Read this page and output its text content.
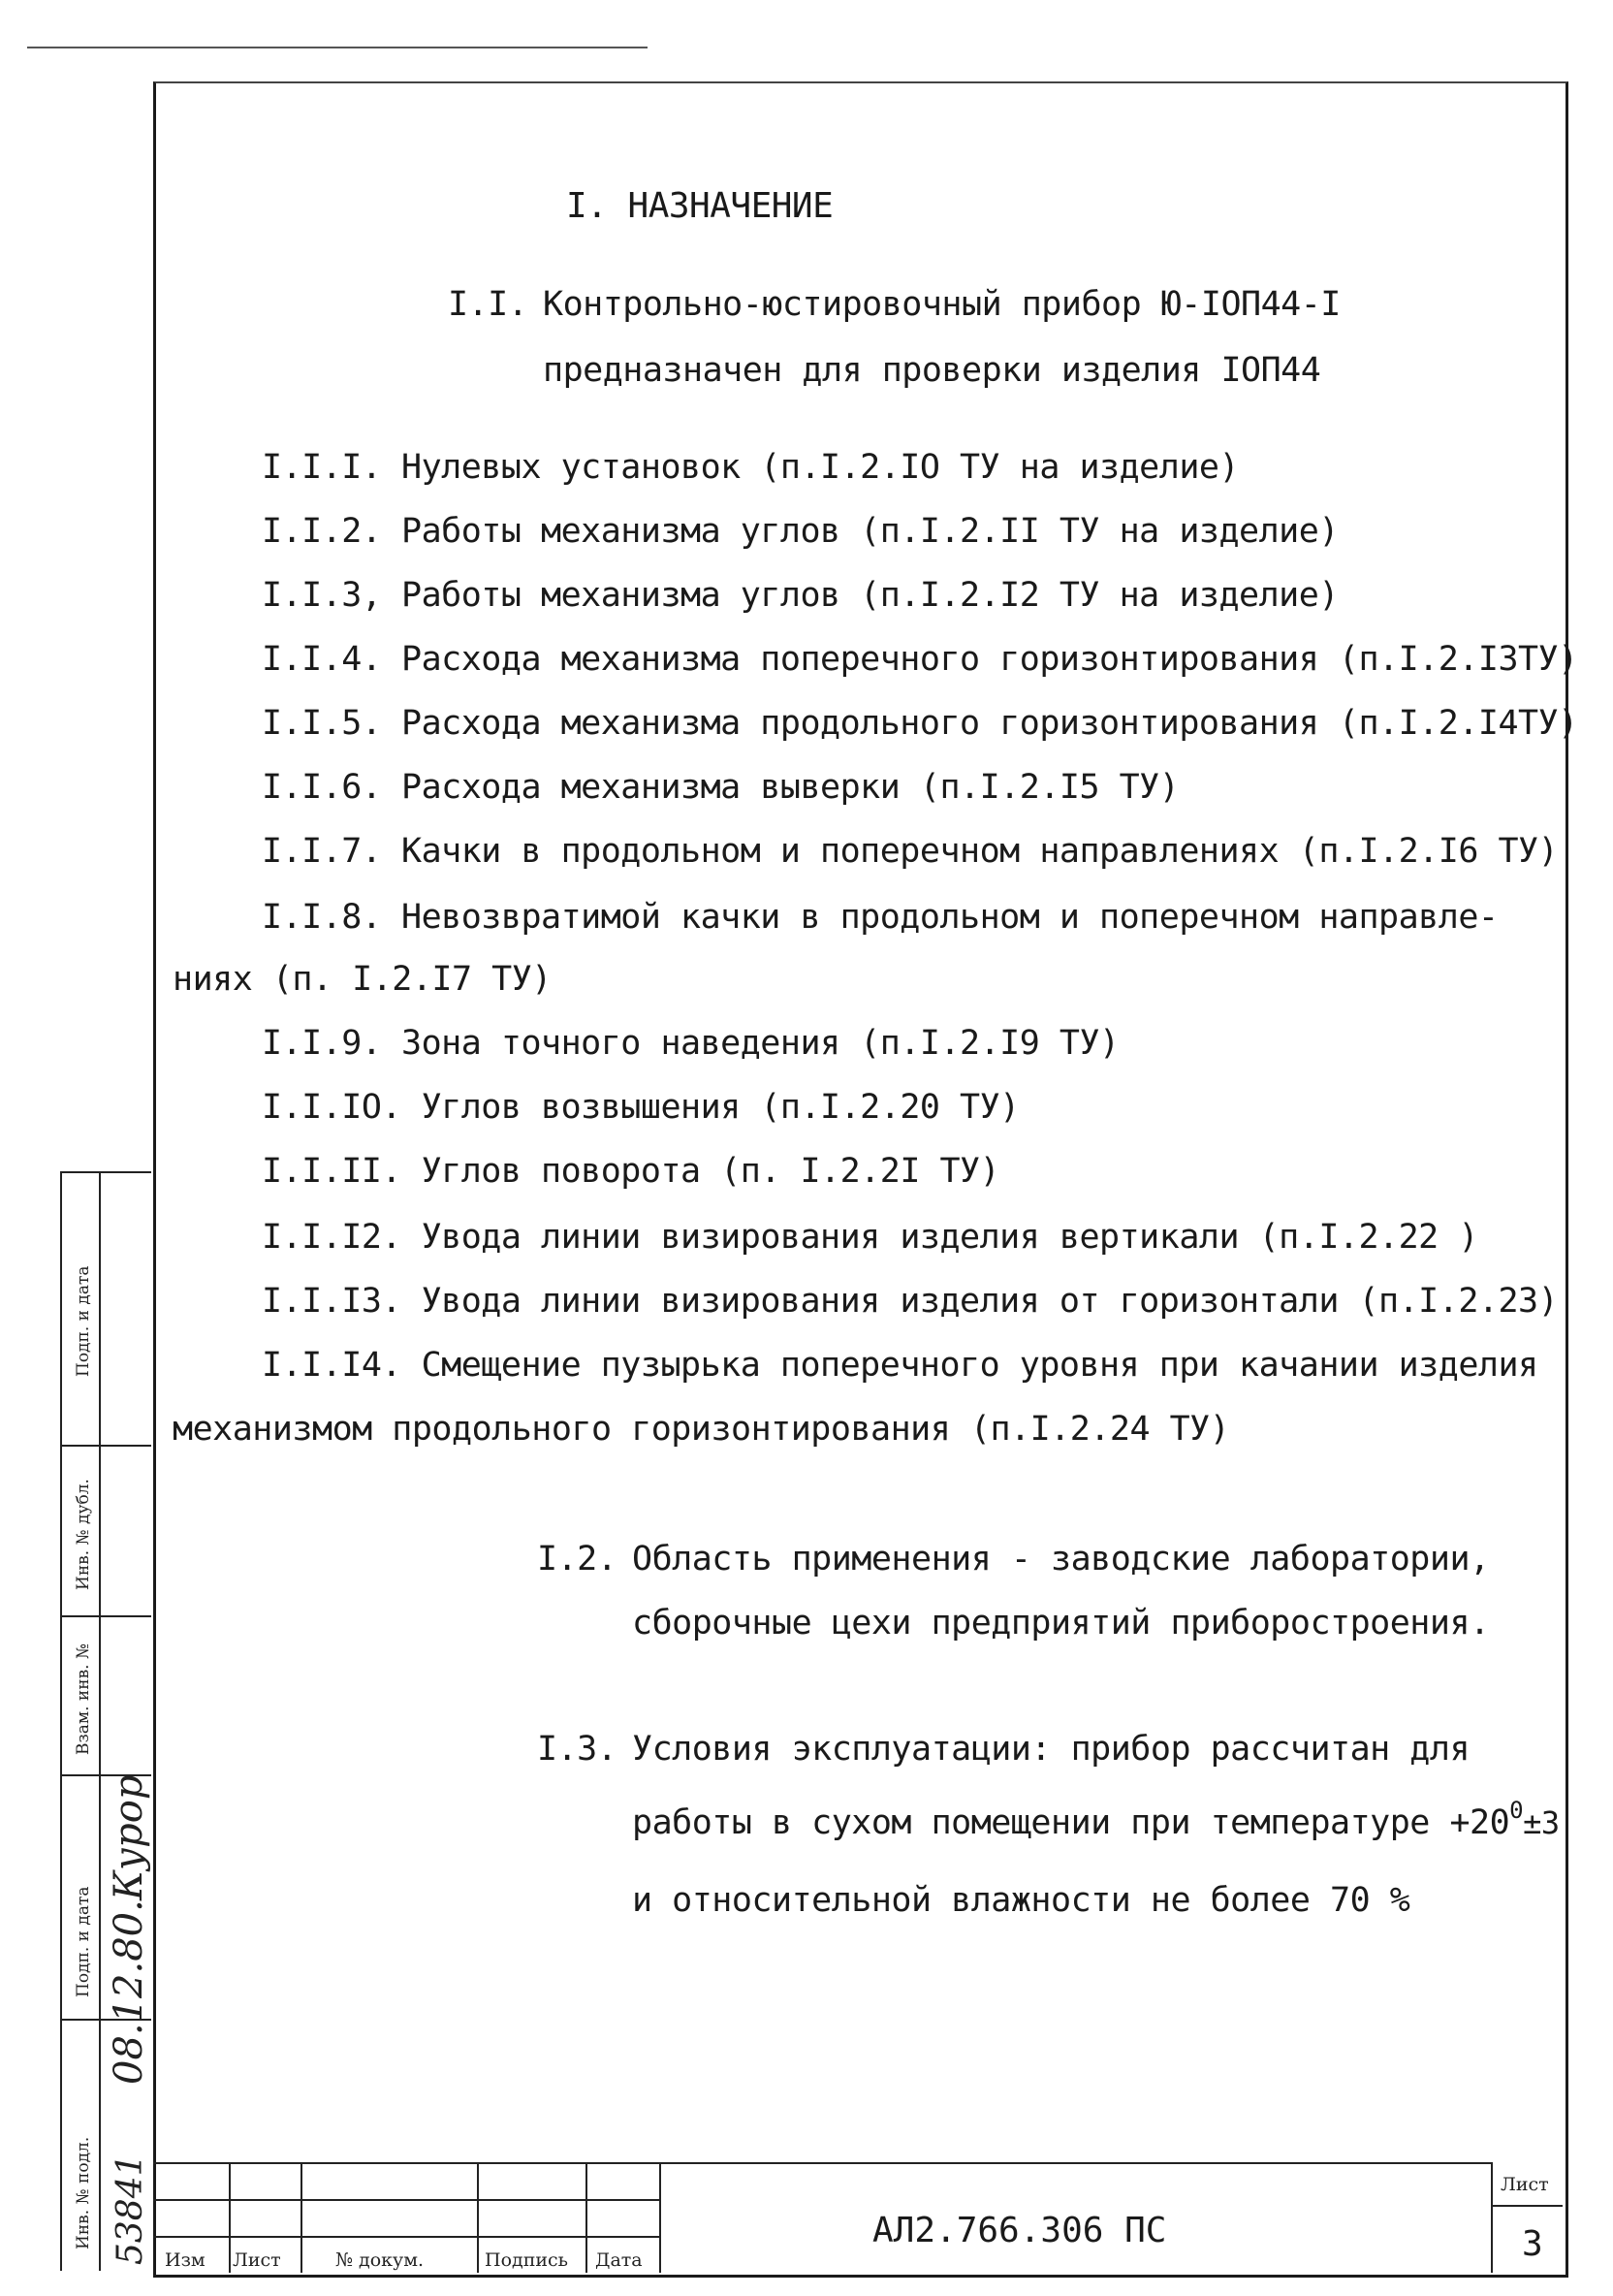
I. НАЗНАЧЕНИЕ
I.I. Контрольно-юстировочный прибор Ю-IOП44-I
предназначен для проверки изделия IOП44
I.I.I. Нулевых установок (п.I.2.IO ТУ на изделие)
I.I.2. Работы механизма углов (п.I.2.II ТУ на изделие)
I.I.3, Работы механизма углов (п.I.2.I2 ТУ на изделие)
I.I.4. Расхода механизма поперечного горизонтирования (п.I.2.I3ТУ)
I.I.5. Расхода механизма продольного горизонтирования (п.I.2.I4ТУ)
I.I.6. Расхода механизма выверки (п.I.2.I5 ТУ)
I.I.7. Качки в продольном и поперечном направлениях (п.I.2.I6 ТУ)
I.I.8. Невозвратимой качки в продольном и поперечном направле-
ниях (п. I.2.I7 ТУ)
I.I.9. Зона точного наведения (п.I.2.I9 ТУ)
I.I.IO. Углов возвышения (п.I.2.20 ТУ)
I.I.II. Углов поворота (п. I.2.2I ТУ)
I.I.I2. Увода линии визирования изделия вертикали (п.I.2.22 )
I.I.I3. Увода линии визирования изделия от горизонтали (п.I.2.23)
I.I.I4. Смещение пузырька поперечного уровня при качании изделия
механизмом продольного горизонтирования (п.I.2.24 ТУ)
I.2. Область применения - заводские лаборатории,
сборочные цехи предприятий приборостроения.
I.3. Условия эксплуатации: прибор рассчитан для
работы в сухом помещении при температуре $+20^0\pm 3$
и относительной влажности не более 70 %
Подп. и дата
Инв. № дубл.
Взам. инв. №
Подп. и дата
Инв. № подл.
08.12.80.
Курор
53841 Изм Лист	№ докум.	Подпись Дата
АЛ2.766.306 ПС
Лист
3
